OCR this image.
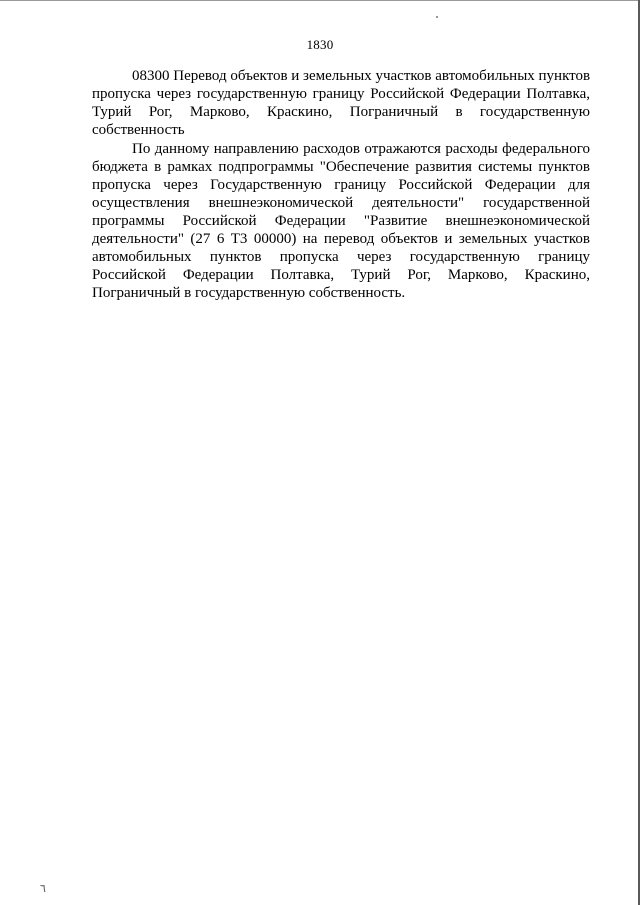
1830
08300 Перевод объектов и земельных участков автомобильных пунктов
пропуска через государственную границу Российской Федерации Полтавка,
Турий Рог, Марково, Краскино, Пограничный в государственную
собственность
По данному направлению расходов отражаются расходы федерального
бюджета в рамках подпрограммы "Обеспечение развития системы пунктов
пропуска через Государственную границу Российской Федерации для
осуществления внешнеэкономической деятельности" государственной
программы Российской Федерации "Развитие внешнеэкономической
деятельности" (27 6 Т3 00000) на перевод объектов и земельных участков
автомобильных пунктов пропуска через государственную границу
Российской Федерации Полтавка, Турий Рог, Марково, Краскино,
Пограничный в государственную собственность.
٦
